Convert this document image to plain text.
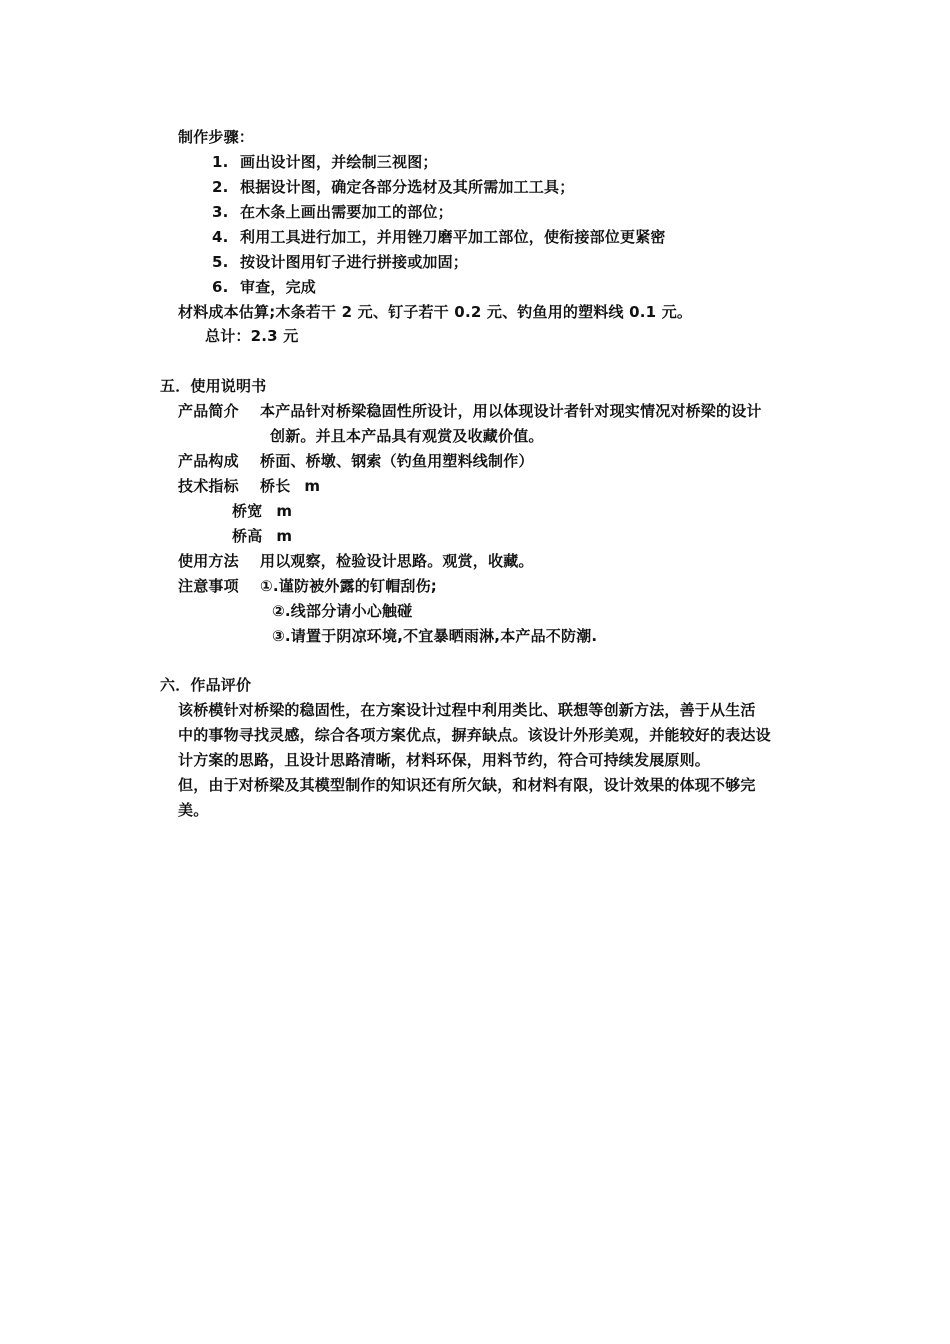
制作步骤：
1. 画出设计图，并绘制三视图；
2. 根据设计图，确定各部分选材及其所需加工工具；
3. 在木条上画出需要加工的部位；
4. 利用工具进行加工，并用锉刀磨平加工部位，使衔接部位更紧密
5. 按设计图用钉子进行拼接或加固；
6. 审查，完成
材料成本估算;木条若干 2 元、钉子若干 0.2 元、钓鱼用的塑料线 0.1 元。
总计：2.3 元
五．使用说明书
产品简介 本产品针对桥梁稳固性所设计，用以体现设计者针对现实情况对桥梁的设计
创新。并且本产品具有观赏及收藏价值。
产品构成 桥面、桥墩、钢索（钓鱼用塑料线制作）
技术指标 桥长 m
桥宽 m
桥高 m
使用方法 用以观察，检验设计思路。观赏，收藏。
注意事项 ①.谨防被外露的钉帽刮伤;
②.线部分请小心触碰
③.请置于阴凉环境,不宜暴晒雨淋,本产品不防潮.
六．作品评价
该桥模针对桥梁的稳固性，在方案设计过程中利用类比、联想等创新方法，善于从生活
中的事物寻找灵感，综合各项方案优点，摒弃缺点。该设计外形美观，并能较好的表达设
计方案的思路，且设计思路清晰，材料环保，用料节约，符合可持续发展原则。
但，由于对桥梁及其模型制作的知识还有所欠缺，和材料有限，设计效果的体现不够完
美。
